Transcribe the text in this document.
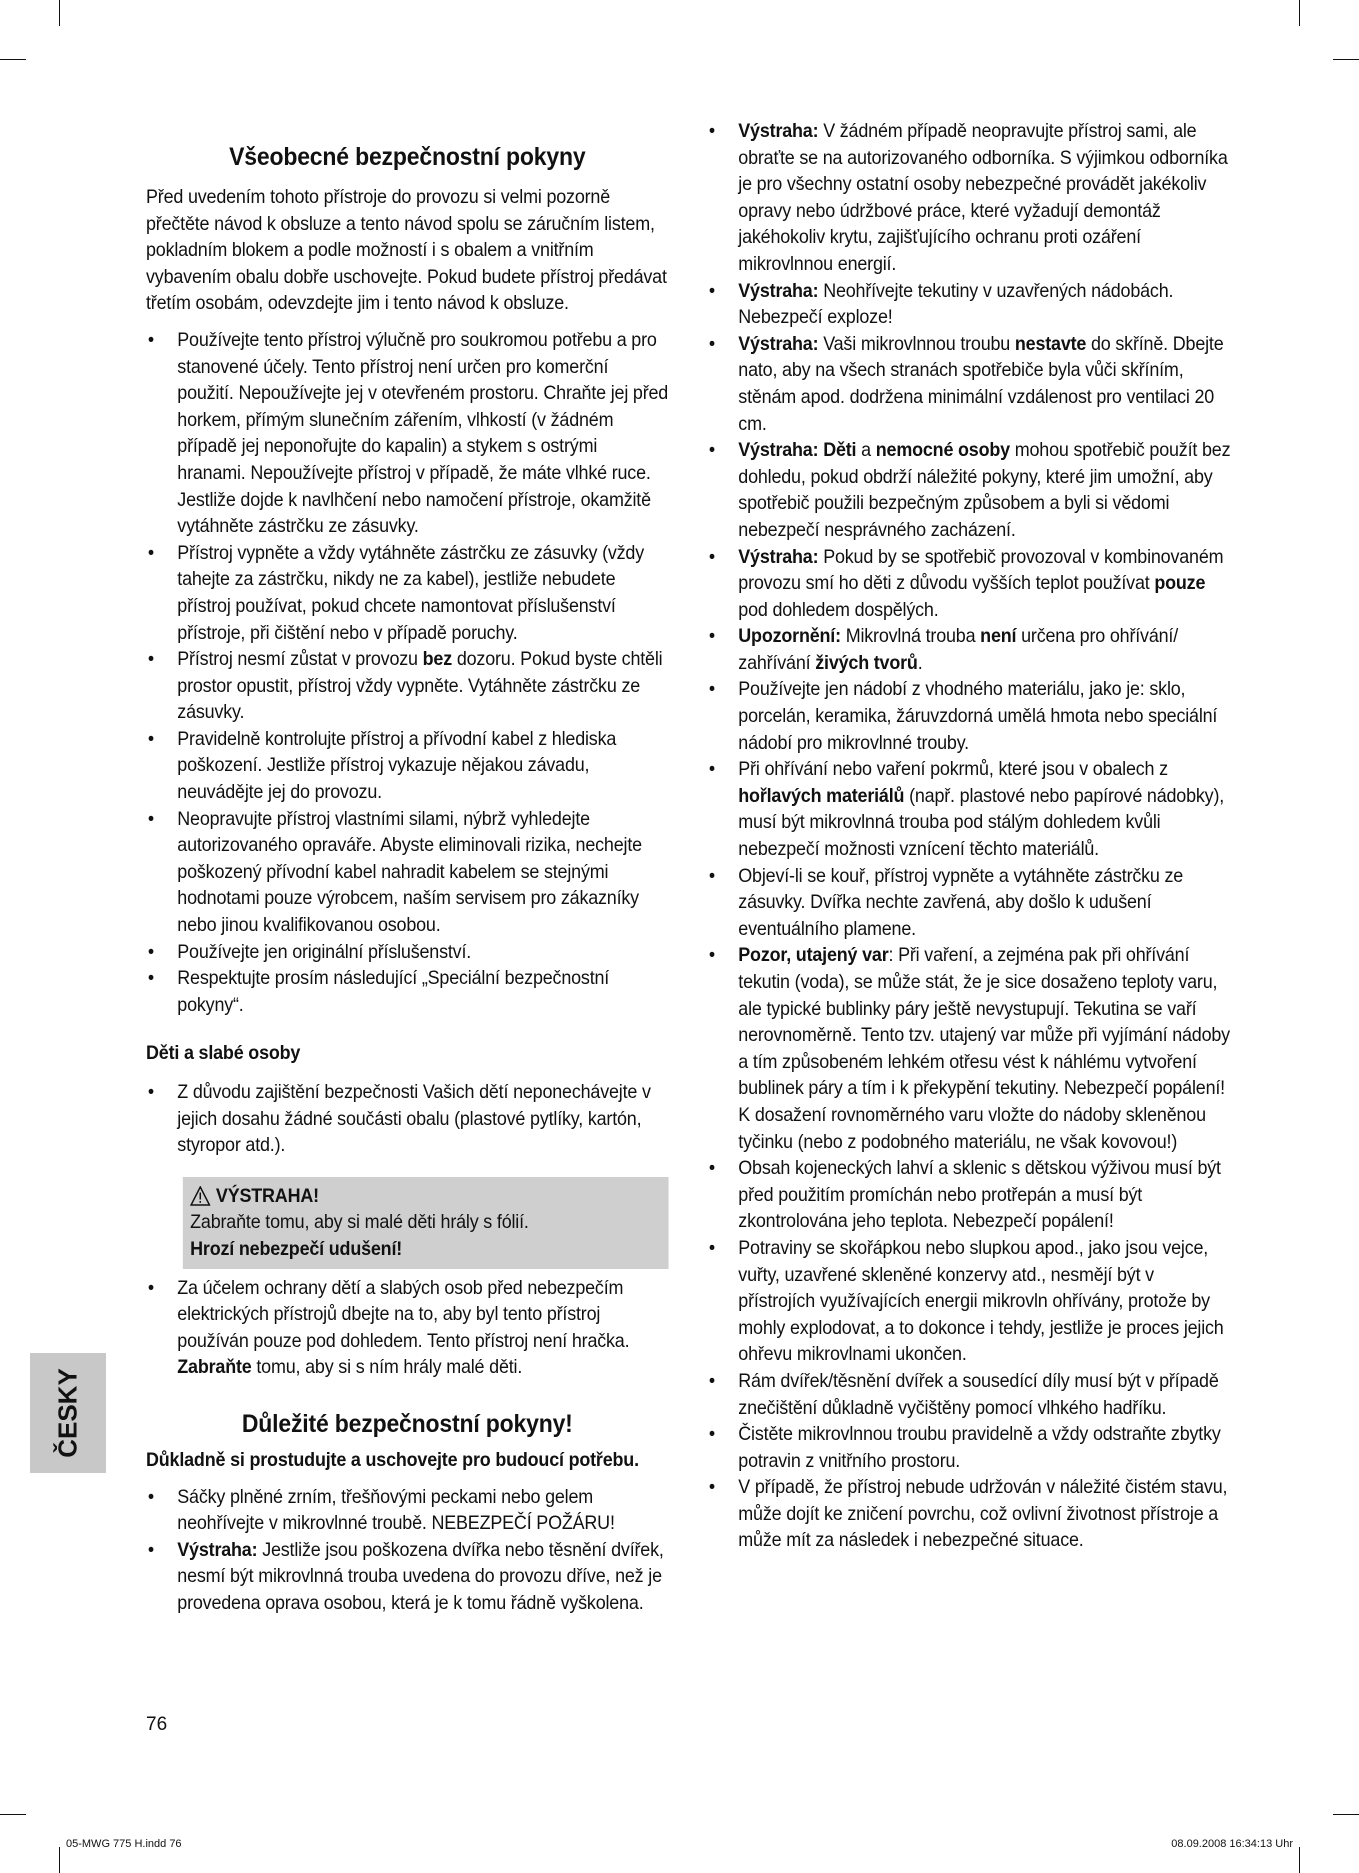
Všeobecné bezpečnostní pokyny

Před uvedením tohoto přístroje do provozu si velmi pozorně přečtěte návod k obsluze a tento návod spolu se záručním listem, pokladním blokem a podle možností i s obalem a vnitřním vybavením obalu dobře uschovejte. Pokud budete přístroj předávat třetím osobám, odevzdejte jim i tento návod k obsluze.

• Používejte tento přístroj výlučně pro soukromou potřebu a pro stanovené účely. Tento přístroj není určen pro komerční použití. Nepoužívejte jej v otevřeném prostoru. Chraňte jej před horkem, přímým slunečním zářením, vlhkostí (v žádném případě jej neponořujte do kapalin) a stykem s ostrými hranami. Nepoužívejte přístroj v případě, že máte vlhké ruce. Jestliže dojde k navlhčení nebo namočení přístroje, okamžitě vytáhněte zástrčku ze zásuvky.
• Přístroj vypněte a vždy vytáhněte zástrčku ze zásuvky (vždy tahejte za zástrčku, nikdy ne za kabel), jestliže nebudete přístroj používat, pokud chcete namontovat příslušenství přístroje, při čištění nebo v případě poruchy.
• Přístroj nesmí zůstat v provozu bez dozoru. Pokud byste chtěli prostor opustit, přístroj vždy vypněte. Vytáhněte zástrčku ze zásuvky.
• Pravidelně kontrolujte přístroj a přívodní kabel z hlediska poškození. Jestliže přístroj vykazuje nějakou závadu, neuvádějte jej do provozu.
• Neopravujte přístroj vlastními silami, nýbrž vyhledejte autorizovaného opraváře. Abyste eliminovali rizika, nechejte poškozený přívodní kabel nahradit kabelem se stejnými hodnotami pouze výrobcem, naším servisem pro zákazníky nebo jinou kvalifikovanou osobou.
• Používejte jen originální příslušenství.
• Respektujte prosím následující „Speciální bezpečnostní pokyny“.

Děti a slabé osoby

• Z důvodu zajištění bezpečnosti Vašich dětí neponechávejte v jejich dosahu žádné součásti obalu (plastové pytlíky, kartón, styropor atd.).
VÝSTRAHA!

Zabraňte tomu, aby si malé děti hrály s fólií.

Hrozí nebezpečí udušení!

• Za účelem ochrany dětí a slabých osob před nebezpečím elektrických přístrojů dbejte na to, aby byl tento přístroj používán pouze pod dohledem. Tento přístroj není hračka. Zabraňte tomu, aby si s ním hrály malé děti.
Důležité bezpečnostní pokyny!

Důkladně si prostudujte a uschovejte pro budoucí potřebu.

• Sáčky plněné zrním, třešňovými peckami nebo gelem neohřívejte v mikrovlnné troubě. NEBEZPEČÍ POŽÁRU!
• Výstraha: Jestliže jsou poškozena dvířka nebo těsnění dvířek, nesmí být mikrovlnná trouba uvedena do provozu dříve, než je provedena oprava osobou, která je k tomu řádně vyškolena.
• Výstraha: V žádném případě neopravujte přístroj sami, ale obraťte se na autorizovaného odborníka. S výjimkou odborníka je pro všechny ostatní osoby nebezpečné provádět jakékoliv opravy nebo údržbové práce, které vyžadují demontáž jakéhokoliv krytu, zajišťujícího ochranu proti ozáření mikrovlnnou energií.
• Výstraha: Neohřívejte tekutiny v uzavřených nádobách. Nebezpečí exploze!
• Výstraha: Vaši mikrovlnnou troubu nestavte do skříně. Dbejte nato, aby na všech stranách spotřebiče byla vůči skříním, stěnám apod. dodržena minimální vzdálenost pro ventilaci 20 cm.
• Výstraha: Děti a nemocné osoby mohou spotřebič použít bez dohledu, pokud obdrží náležité pokyny, které jim umožní, aby spotřebič použili bezpečným způsobem a byli si vědomi nebezpečí nesprávného zacházení.
• Výstraha: Pokud by se spotřebič provozoval v kombinovaném provozu smí ho děti z důvodu vyšších teplot používat pouze pod dohledem dospělých.
• Upozornění: Mikrovlná trouba není určena pro ohřívání/ zahřívání živých tvorů.
• Používejte jen nádobí z vhodného materiálu, jako je: sklo, porcelán, keramika, žáruvzdorná umělá hmota nebo speciální nádobí pro mikrovlnné trouby.
• Při ohřívání nebo vaření pokrmů, které jsou v obalech z hořlavých materiálů (např. plastové nebo papírové nádobky), musí být mikrovlnná trouba pod stálým dohledem kvůli nebezpečí možnosti vznícení těchto materiálů.
• Objeví-li se kouř, přístroj vypněte a vytáhněte zástrčku ze zásuvky. Dvířka nechte zavřená, aby došlo k udušení eventuálního plamene.
• Pozor, utajený var: Při vaření, a zejména pak při ohřívání tekutin (voda), se může stát, že je sice dosaženo teploty varu, ale typické bublinky páry ještě nevystupují. Tekutina se vaří nerovnoměrně. Tento tzv. utajený var může při vyjímání nádoby a tím způsobeném lehkém otřesu vést k náhlému vytvoření bublinek páry a tím i k překypění tekutiny. Nebezpečí popálení! K dosažení rovnoměrného varu vložte do nádoby skleněnou tyčinku (nebo z podobného materiálu, ne však kovovou!)
• Obsah kojeneckých lahví a sklenic s dětskou výživou musí být před použitím promíchán nebo protřepán a musí být zkontrolována jeho teplota. Nebezpečí popálení!
• Potraviny se skořápkou nebo slupkou apod., jako jsou vejce, vuřty, uzavřené skleněné konzervy atd., nesmějí být v přístrojích využívajících energii mikrovln ohřívány, protože by mohly explodovat, a to dokonce i tehdy, jestliže je proces jejich ohřevu mikrovlnami ukončen.
• Rám dvířek/těsnění dvířek a sousedící díly musí být v případě znečištění důkladně vyčištěny pomocí vlhkého hadříku.
• Čistěte mikrovlnnou troubu pravidelně a vždy odstraňte zbytky potravin z vnitřního prostoru.
• V případě, že přístroj nebude udržován v náležité čistém stavu, může dojít ke zničení povrchu, což ovlivní životnost přístroje a může mít za následek i nebezpečné situace.
ČESKY
76
05-MWG 775 H.indd 76	08.09.2008 16:34:13 Uhr
